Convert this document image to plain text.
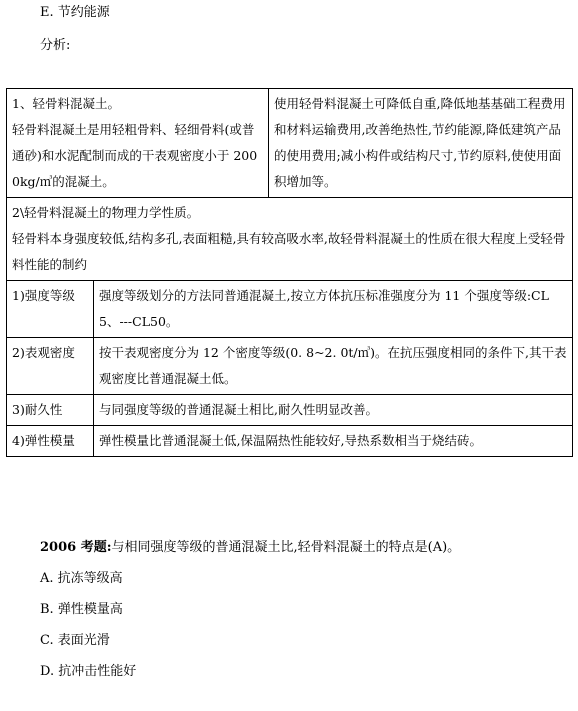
E. 节约能源
分析:
1、轻骨料混凝土。
轻骨料混凝土是用轻粗骨料、轻细骨料(或普通砂)和水泥配制而成的干表观密度小于 2000kg/㎥的混凝土。		使用轻骨料混凝土可降低自重,降低地基基础工程费用和材料运输费用,改善绝热性,节约能源,降低建筑产品的使用费用;减小构件或结构尺寸,节约原料,使使用面积增加等。

2\轻骨料混凝土的物理力学性质。
轻骨料本身强度较低,结构多孔,表面粗糙,具有较高吸水率,故轻骨料混凝土的性质在很大程度上受轻骨料性能的制约		

1)强度等级	强度等级划分的方法同普通混凝土,按立方体抗压标准强度分为 11 个强度等级:CL5、---CL50。	
2)表观密度	按干表观密度分为 12 个密度等级(0. 8~2. 0t/㎥)。在抗压强度相同的条件下,其干表观密度比普通混凝土低。	
3)耐久性	与同强度等级的普通混凝土相比,耐久性明显改善。	
4)弹性模量	弹性模量比普通混凝土低,保温隔热性能较好,导热系数相当于烧结砖。	
2006 考题:与相同强度等级的普通混凝土比,轻骨料混凝土的特点是(A)。
A. 抗冻等级高
B. 弹性模量高
C. 表面光滑
D. 抗冲击性能好
